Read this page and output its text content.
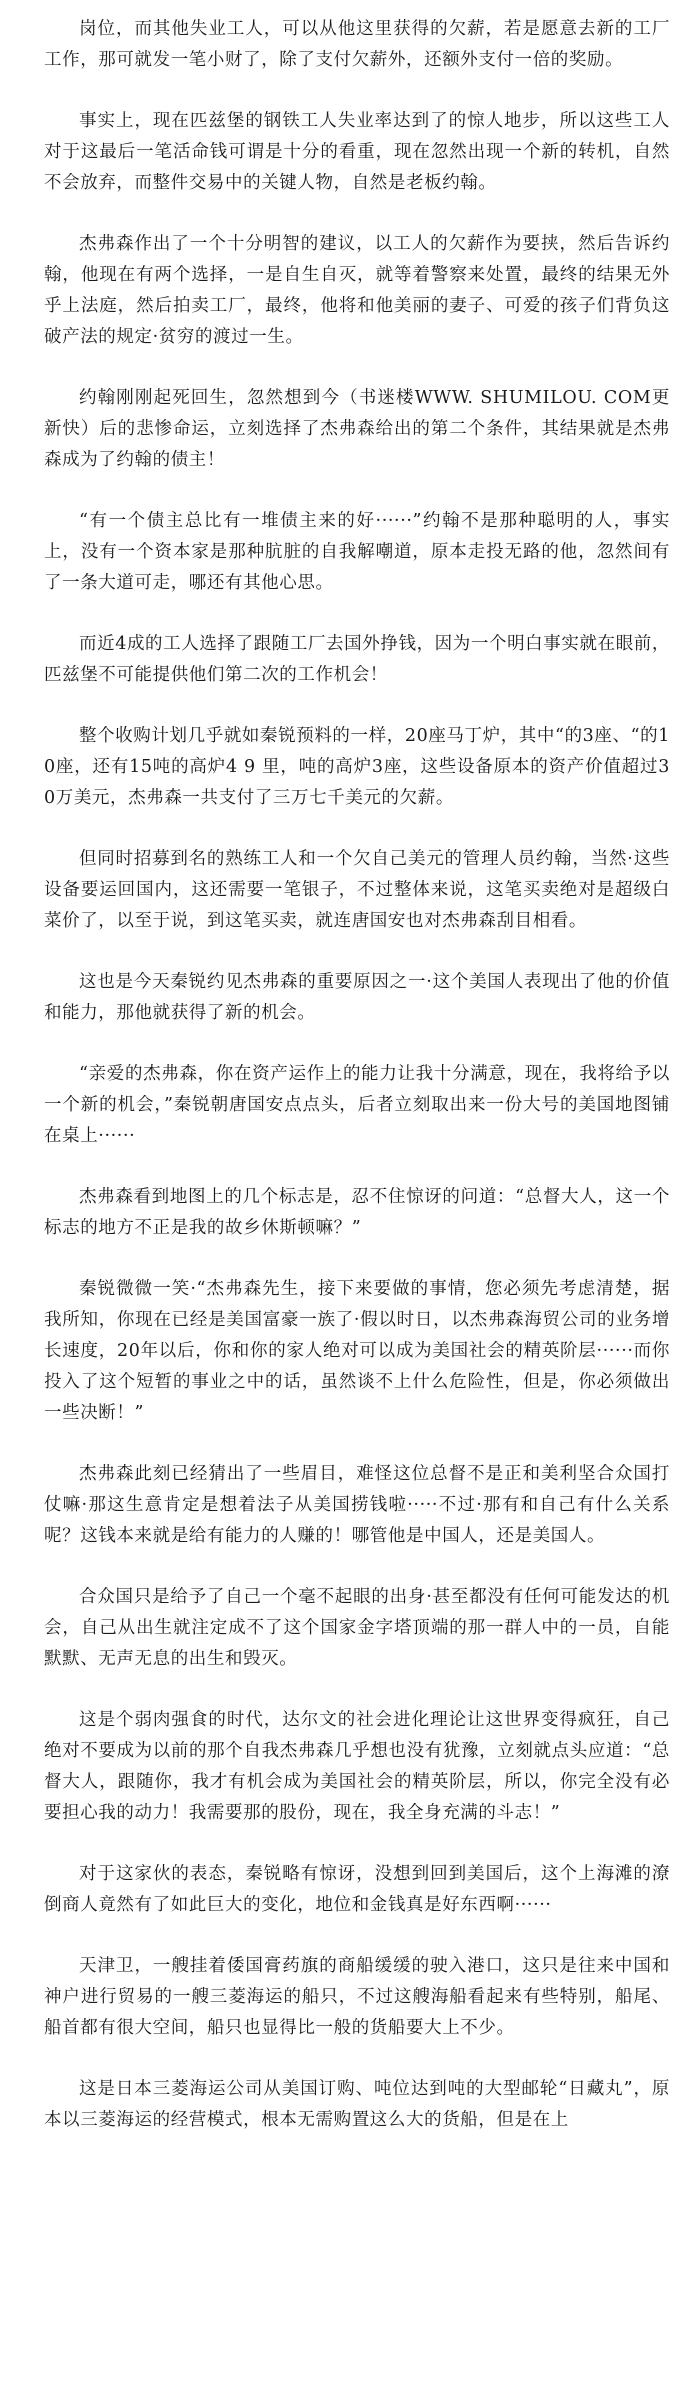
岗位，而其他失业工人，可以从他这里获得的欠薪，若是愿意去新的工厂工作，那可就发一笔小财了，除了支付欠薪外，还额外支付一倍的奖励。

事实上，现在匹兹堡的钢铁工人失业率达到了的惊人地步，所以这些工人对于这最后一笔活命钱可谓是十分的看重，现在忽然出现一个新的转机，自然不会放弃，而整件交易中的关键人物，自然是老板约翰。

杰弗森作出了一个十分明智的建议，以工人的欠薪作为要挟，然后告诉约翰，他现在有两个选择，一是自生自灭，就等着警察来处置，最终的结果无外乎上法庭，然后拍卖工厂，最终，他将和他美丽的妻子、可爱的孩子们背负这破产法的规定·贫穷的渡过一生。

约翰刚刚起死回生，忽然想到今（书迷楼WWW. SHUMILOU. COM更新快）后的悲惨命运，立刻选择了杰弗森给出的第二个条件，其结果就是杰弗森成为了约翰的债主！

“有一个债主总比有一堆债主来的好······”约翰不是那种聪明的人，事实上，没有一个资本家是那种肮脏的自我解嘲道，原本走投无路的他，忽然间有了一条大道可走，哪还有其他心思。

而近4成的工人选择了跟随工厂去国外挣钱，因为一个明白事实就在眼前，匹兹堡不可能提供他们第二次的工作机会！

整个收购计划几乎就如秦锐预料的一样，20座马丁炉，其中“的3座、“的10座，还有15吨的高炉4 9 里，吨的高炉3座，这些设备原本的资产价值超过30万美元，杰弗森一共支付了三万七千美元的欠薪。

但同时招募到名的熟练工人和一个欠自己美元的管理人员约翰，当然·这些设备要运回国内，这还需要一笔银子，不过整体来说，这笔买卖绝对是超级白菜价了，以至于说，到这笔买卖，就连唐国安也对杰弗森刮目相看。

这也是今天秦锐约见杰弗森的重要原因之一·这个美国人表现出了他的价值和能力，那他就获得了新的机会。

“亲爱的杰弗森，你在资产运作上的能力让我十分满意，现在，我将给予以一个新的机会，”秦锐朝唐国安点点头，后者立刻取出来一份大号的美国地图铺在桌上······

杰弗森看到地图上的几个标志是，忍不住惊讶的问道：“总督大人，这一个标志的地方不正是我的故乡休斯顿嘛？”

秦锐微微一笑·“杰弗森先生，接下来要做的事情，您必须先考虑清楚，据我所知，你现在已经是美国富豪一族了·假以时日，以杰弗森海贸公司的业务增长速度，20年以后，你和你的家人绝对可以成为美国社会的精英阶层······而你投入了这个短暂的事业之中的话，虽然谈不上什么危险性，但是，你必须做出一些决断！”

杰弗森此刻已经猜出了一些眉目，难怪这位总督不是正和美利坚合众国打仗嘛·那这生意肯定是想着法子从美国捞钱啦·····不过·那有和自己有什么关系呢？这钱本来就是给有能力的人赚的！哪管他是中国人，还是美国人。

合众国只是给予了自己一个毫不起眼的出身·甚至都没有任何可能发达的机会，自己从出生就注定成不了这个国家金字塔顶端的那一群人中的一员，自能默默、无声无息的出生和毁灭。

这是个弱肉强食的时代，达尔文的社会进化理论让这世界变得疯狂，自己绝对不要成为以前的那个自我杰弗森几乎想也没有犹豫，立刻就点头应道：“总督大人，跟随你，我才有机会成为美国社会的精英阶层，所以，你完全没有必要担心我的动力！我需要那的股份，现在，我全身充满的斗志！”

对于这家伙的表态，秦锐略有惊讶，没想到回到美国后，这个上海滩的潦倒商人竟然有了如此巨大的变化，地位和金钱真是好东西啊······

天津卫，一艘挂着倭国膏药旗的商船缓缓的驶入港口，这只是往来中国和神户进行贸易的一艘三菱海运的船只，不过这艘海船看起来有些特别，船尾、船首都有很大空间，船只也显得比一般的货船要大上不少。

这是日本三菱海运公司从美国订购、吨位达到吨的大型邮轮“日藏丸”，原本以三菱海运的经营模式，根本无需购置这么大的货船，但是在上
